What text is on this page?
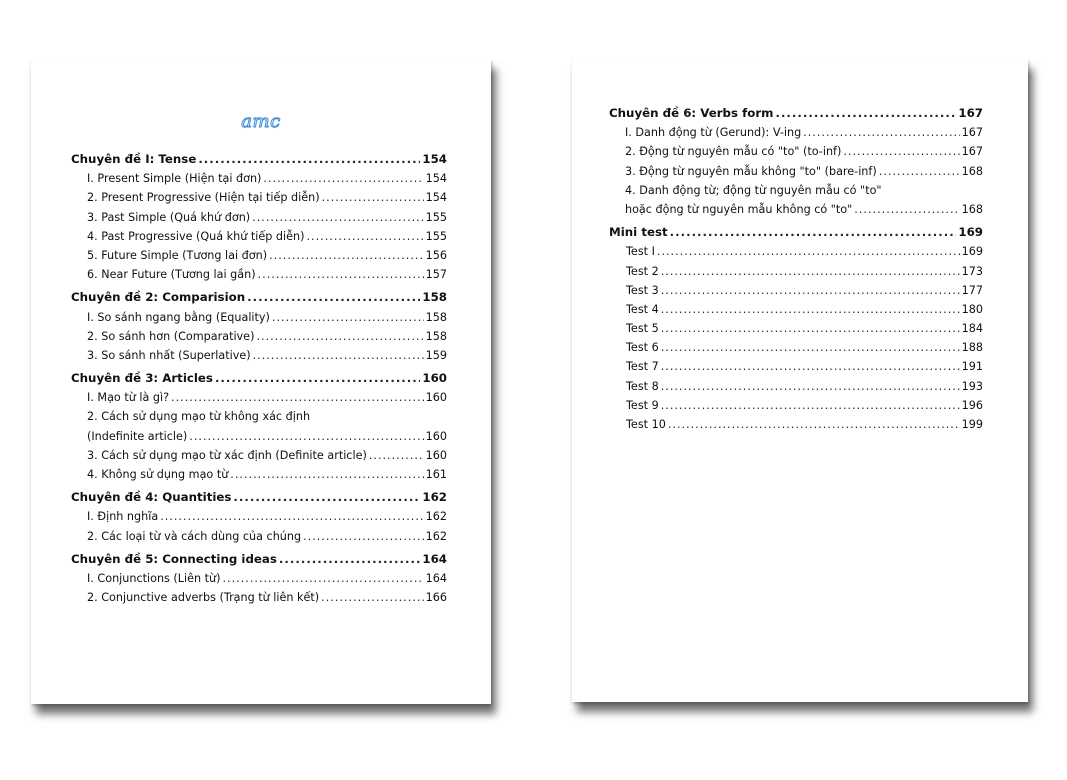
amc
Chuyên đề I: Tense .....	154
I. Present Simple (Hiện tại đơn) .....	154
2. Present Progressive (Hiện tại tiếp diễn) .....	154
3. Past Simple (Quá khứ đơn) .....	155
4. Past Progressive (Quá khứ tiếp diễn) .....	155
5. Future Simple (Tương lai đơn) .....	156
6. Near Future (Tương lai gần) .....	157
Chuyên đề 2: Comparision .....	158
I. So sánh ngang bằng (Equality) .....	158
2. So sánh hơn (Comparative) .....	158
3. So sánh nhất (Superlative) .....	159
Chuyên đề 3: Articles .....	160
I. Mạo từ là gì? .....	160
2. Cách sử dụng mạo từ không xác định
(Indefinite article) .....	160
3. Cách sử dụng mạo từ xác định (Definite article) .....	160
4. Không sử dụng mạo từ .....	161
Chuyên đề 4: Quantities .....	162
I. Định nghĩa .....	162
2. Các loại từ và cách dùng của chúng .....	162
Chuyên đề 5: Connecting ideas .....	164
I. Conjunctions (Liên từ) .....	164
2. Conjunctive adverbs (Trạng từ liên kết) .....	166
Chuyên đề 6: Verbs form .....	167
I. Danh động từ (Gerund): V-ing .....	167
2. Động từ nguyên mẫu có "to" (to-inf) .....	167
3. Động từ nguyên mẫu không "to" (bare-inf) .....	168
4. Danh động từ; động từ nguyên mẫu có "to"
hoặc động từ nguyên mẫu không có "to" .....	168
Mini test .....	169
Test I .....	169
Test 2 .....	173
Test 3 .....	177
Test 4 .....	180
Test 5 .....	184
Test 6 .....	188
Test 7 .....	191
Test 8 .....	193
Test 9 .....	196
Test 10 .....	199
